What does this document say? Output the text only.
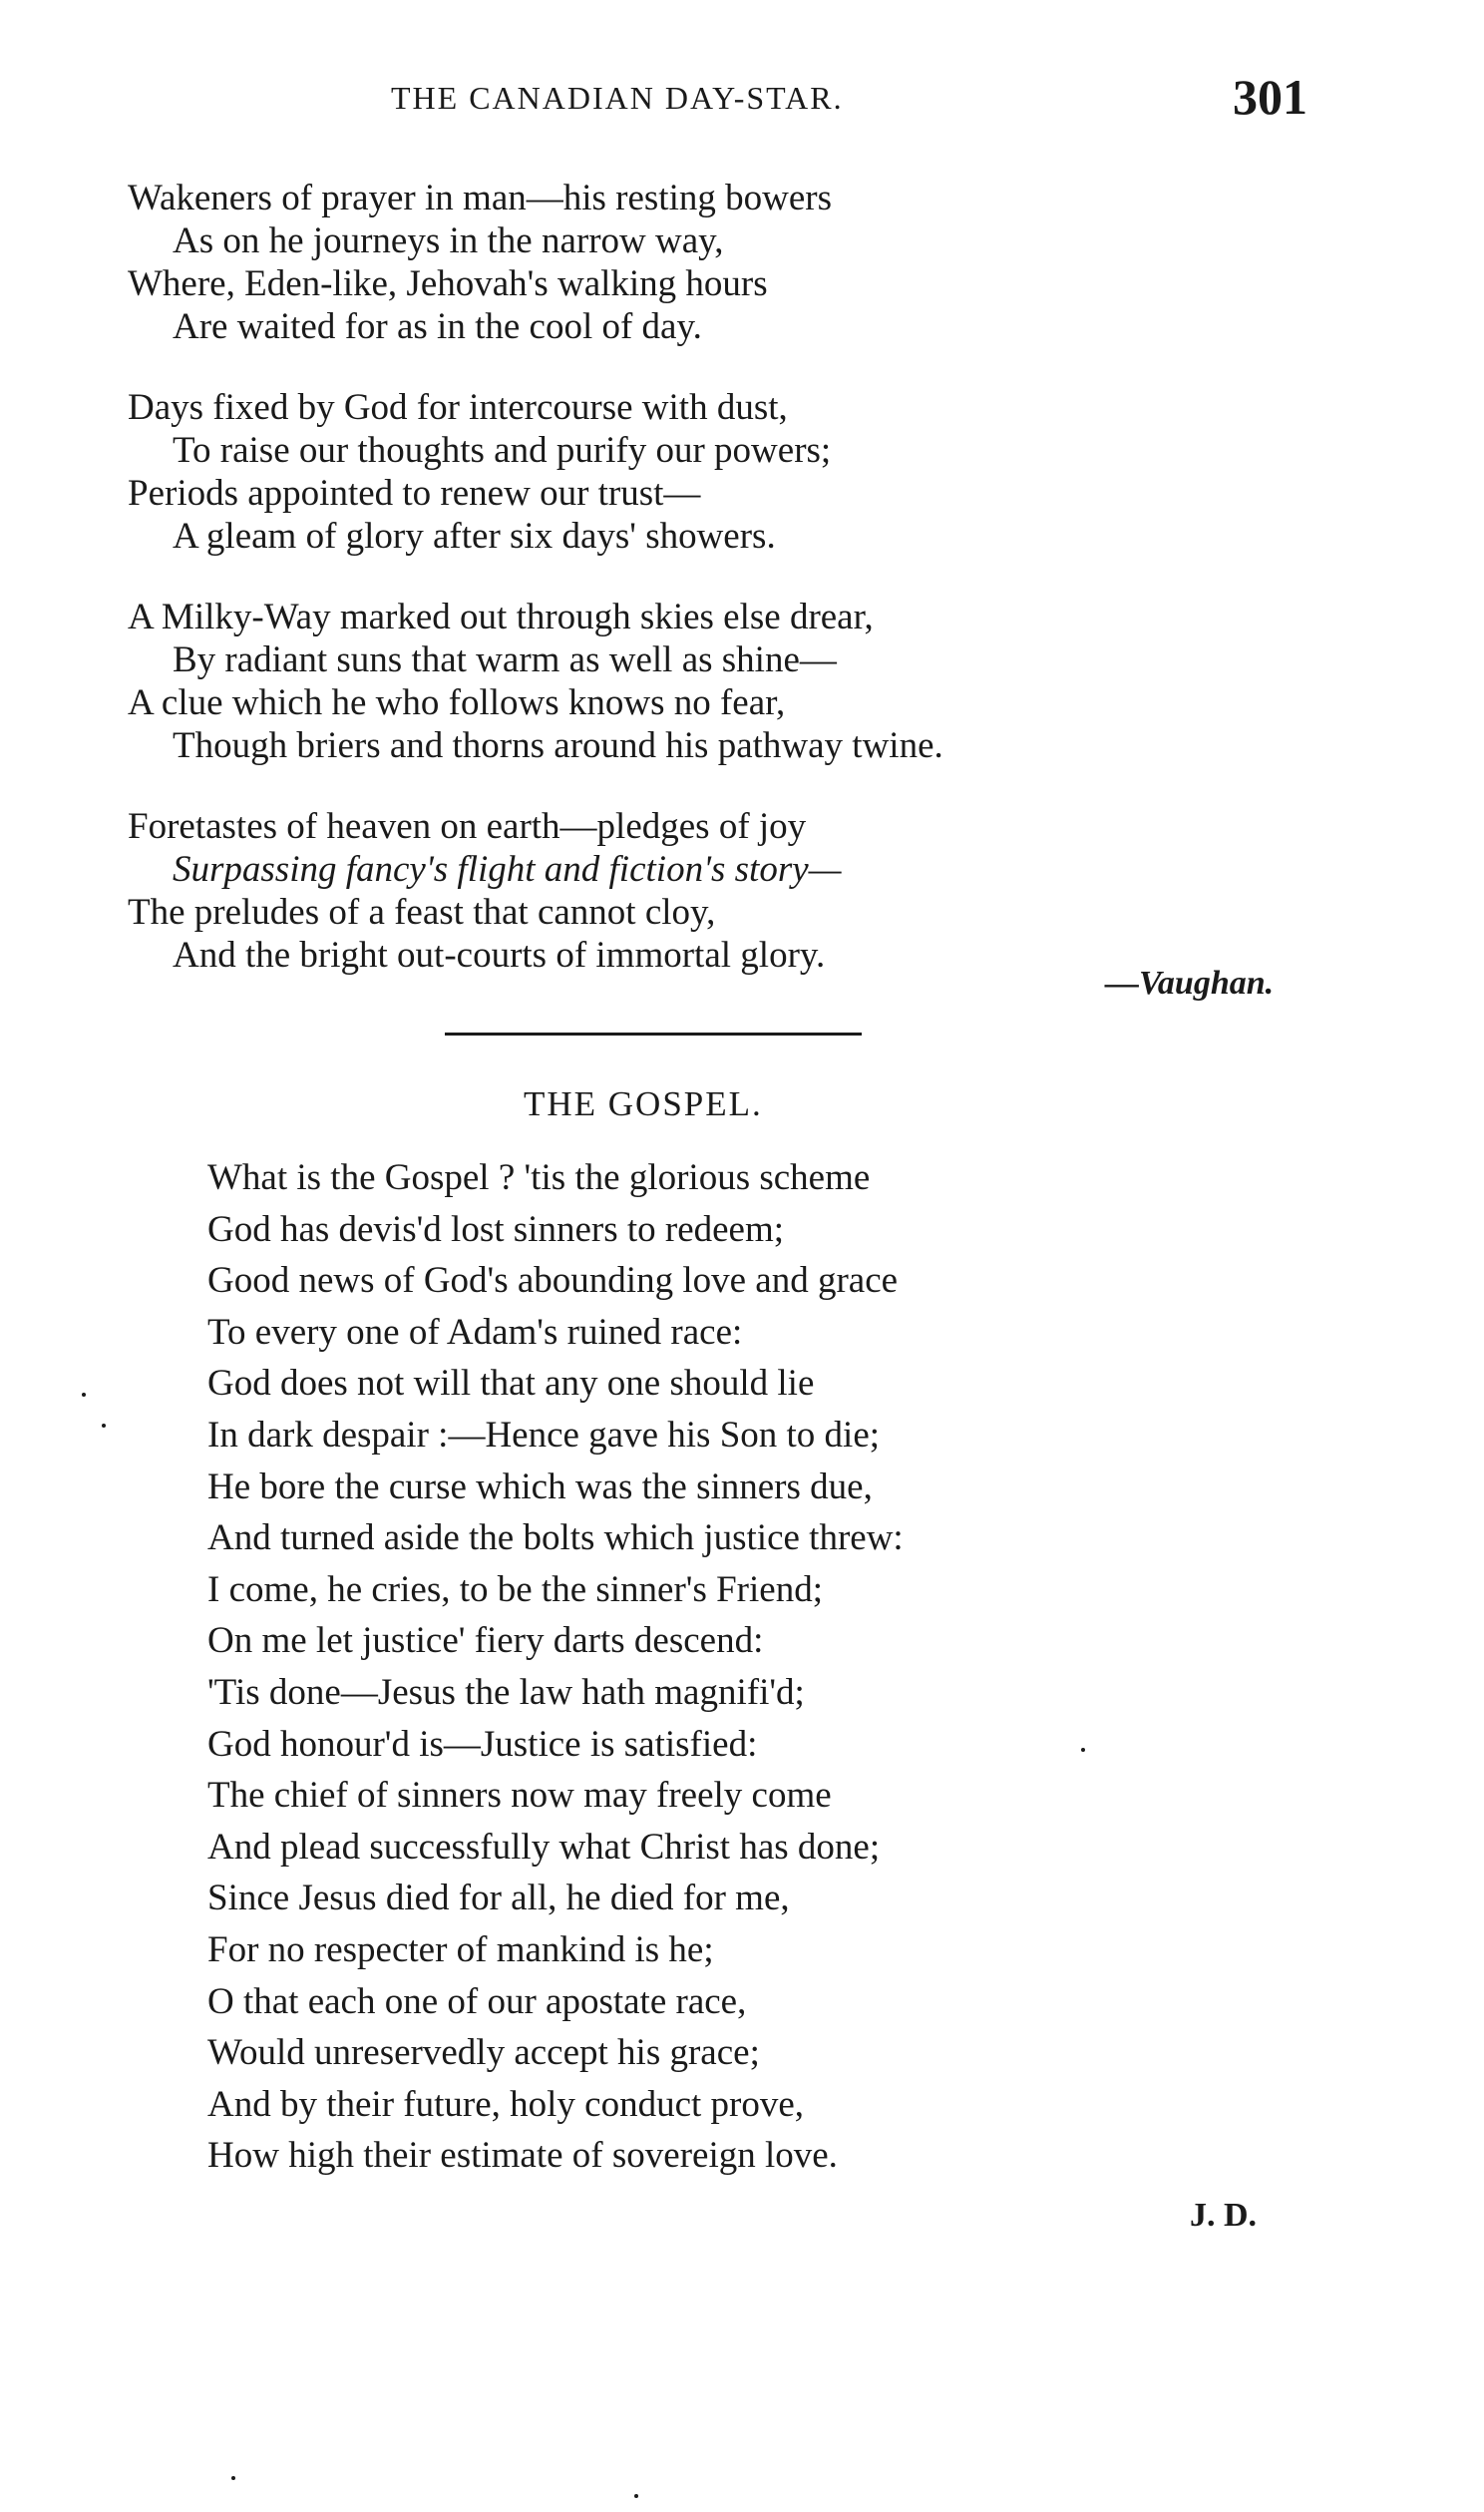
THE CANADIAN DAY-STAR.	301
Wakeners of prayer in man—his resting bowers
As on he journeys in the narrow way,
Where, Eden-like, Jehovah's walking hours
Are waited for as in the cool of day.
Days fixed by God for intercourse with dust,
To raise our thoughts and purify our powers;
Periods appointed to renew our trust—
A gleam of glory after six days' showers.
A Milky-Way marked out through skies else drear,
By radiant suns that warm as well as shine—
A clue which he who follows knows no fear,
Though briers and thorns around his pathway twine.
Foretastes of heaven on earth—pledges of joy
Surpassing fancy's flight and fiction's story—
The preludes of a feast that cannot cloy,
And the bright out-courts of immortal glory.
—Vaughan.
THE GOSPEL.
What is the Gospel ? 'tis the glorious scheme
God has devis'd lost sinners to redeem;
Good news of God's abounding love and grace
To every one of Adam's ruined race:
God does not will that any one should lie
In dark despair :—Hence gave his Son to die;
He bore the curse which was the sinners due,
And turned aside the bolts which justice threw:
I come, he cries, to be the sinner's Friend;
On me let justice' fiery darts descend:
'Tis done—Jesus the law hath magnifi'd;
God honour'd is—Justice is satisfied:
The chief of sinners now may freely come
And plead successfully what Christ has done;
Since Jesus died for all, he died for me,
For no respecter of mankind is he;
O that each one of our apostate race,
Would unreservedly accept his grace;
And by their future, holy conduct prove,
How high their estimate of sovereign love.
J. D.
